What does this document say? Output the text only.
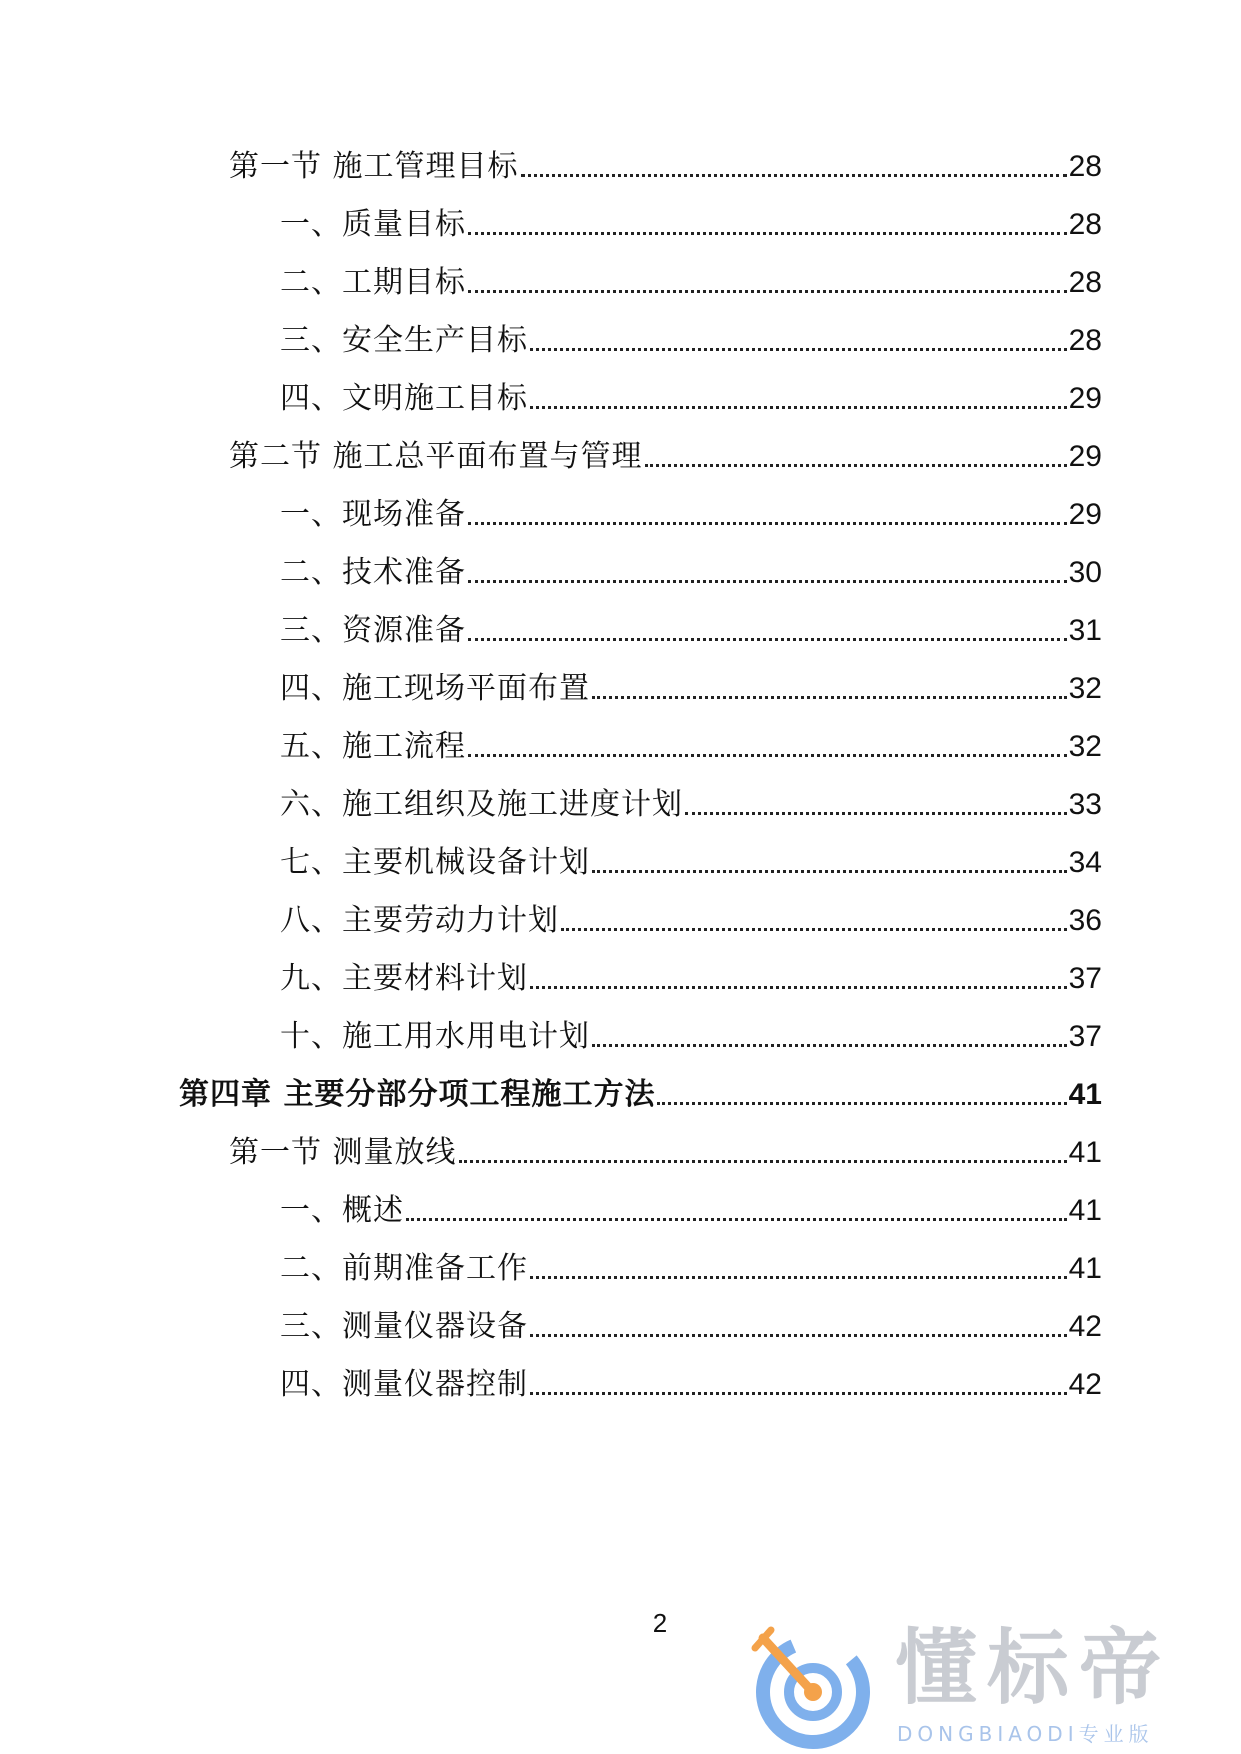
第一节 施工管理目标	28
一、质量目标	28
二、工期目标	28
三、安全生产目标	28
四、文明施工目标	29
第二节 施工总平面布置与管理	29
一、现场准备	29
二、技术准备	30
三、资源准备	31
四、施工现场平面布置	32
五、施工流程	32
六、施工组织及施工进度计划	33
七、主要机械设备计划	34
八、主要劳动力计划	36
九、主要材料计划	37
十、施工用水用电计划	37
第四章 主要分部分项工程施工方法	41
第一节 测量放线	41
一、概述	41
二、前期准备工作	41
三、测量仪器设备	42
四、测量仪器控制	42
2	懂标帝
DONGBIAODI专业版
